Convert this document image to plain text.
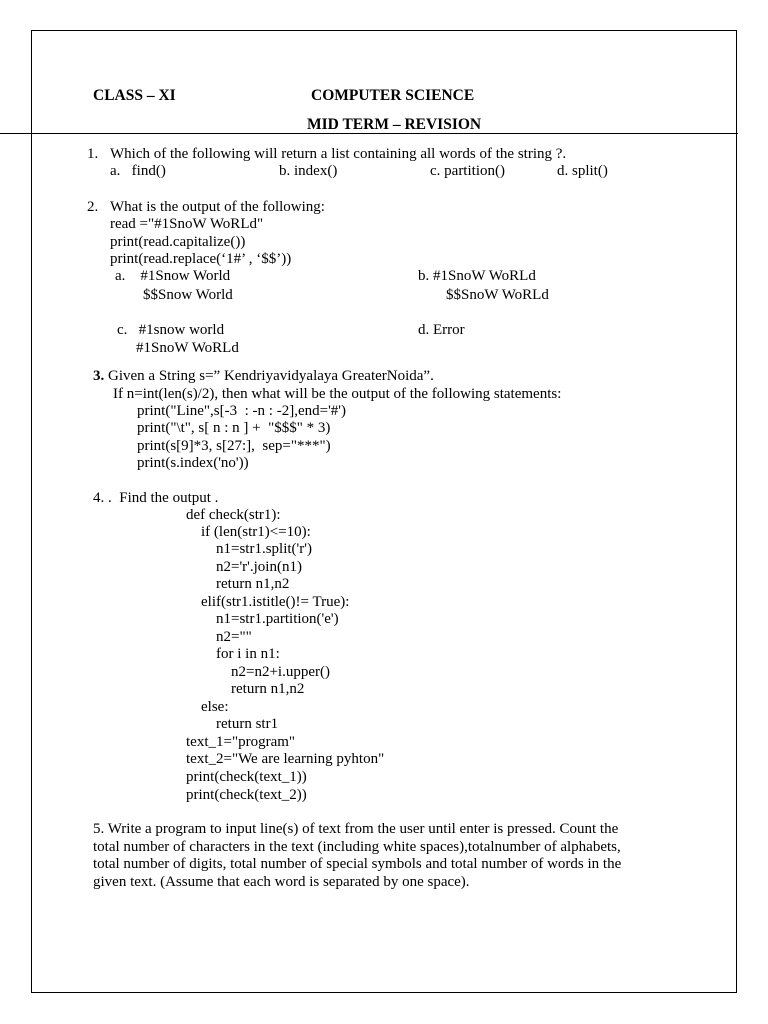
CLASS – XI	COMPUTER SCIENCE
MID TERM – REVISION
1. Which of the following will return a list containing all words of the string ?.
a.   find()	b. index()	c. partition()	d. split()
2. What is the output of the following:
read ="#1SnoW WoRLd"
print(read.capitalize())
print(read.replace(‘1#’ , ‘$$’))
a.    #1Snow World
$$Snow World
b. #1SnoW WoRLd
$$SnoW WoRLd
c.   #1snow world
#1SnoW WoRLd
d. Error
3. Given a String s=” Kendriyavidyalaya GreaterNoida”.
If n=int(len(s)/2), then what will be the output of the following statements:
print("Line",s[-3  : -n : -2],end='#')
print("\t", s[ n : n ] +  "$$$" * 3)
print(s[9]*3, s[27:],  sep="***")
print(s.index('no'))
4. .  Find the output .
def check(str1):
if (len(str1)<=10):
n1=str1.split('r')
n2='r'.join(n1)
return n1,n2
elif(str1.istitle()!= True):
n1=str1.partition('e')
n2=""
for i in n1:
n2=n2+i.upper()
return n1,n2
else:
return str1
text_1="program"
text_2="We are learning pyhton"
print(check(text_1))
print(check(text_2))
5. Write a program to input line(s) of text from the user until enter is pressed. Count the
total number of characters in the text (including white spaces),totalnumber of alphabets,
total number of digits, total number of special symbols and total number of words in the
given text. (Assume that each word is separated by one space).
